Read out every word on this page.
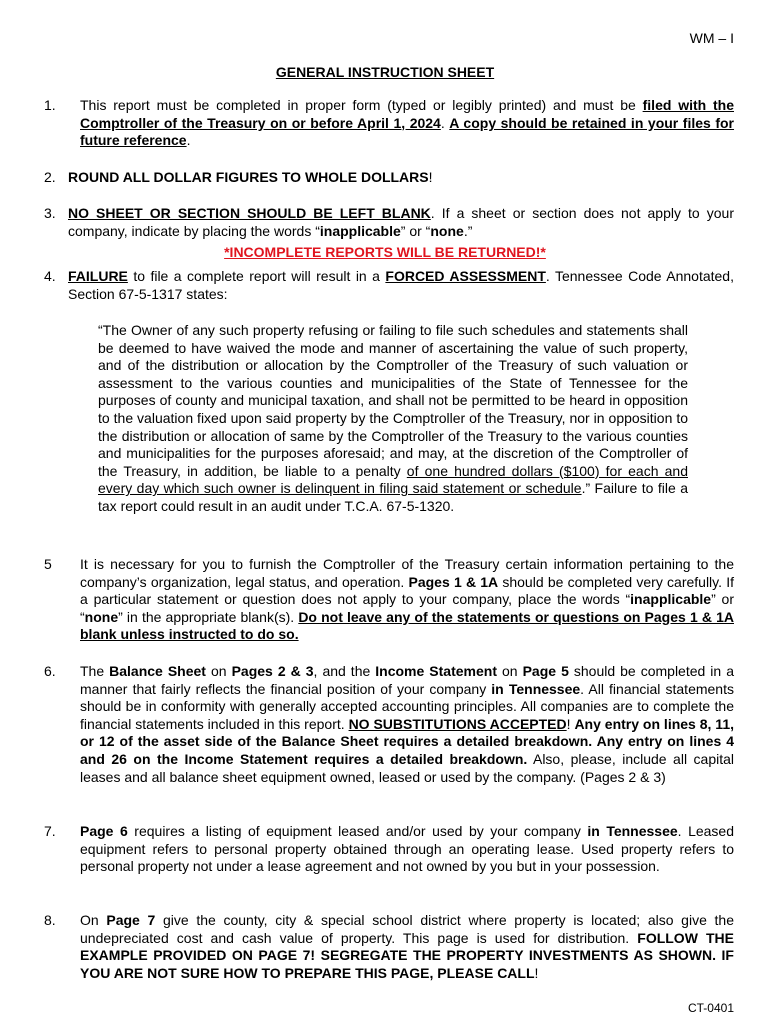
WM – I
GENERAL INSTRUCTION SHEET
1. This report must be completed in proper form (typed or legibly printed) and must be filed with the Comptroller of the Treasury on or before April 1, 2024. A copy should be retained in your files for future reference.
2. ROUND ALL DOLLAR FIGURES TO WHOLE DOLLARS!
3. NO SHEET OR SECTION SHOULD BE LEFT BLANK. If a sheet or section does not apply to your company, indicate by placing the words “inapplicable” or “none.”
*INCOMPLETE REPORTS WILL BE RETURNED!*
4. FAILURE to file a complete report will result in a FORCED ASSESSMENT. Tennessee Code Annotated, Section 67-5-1317 states:
“The Owner of any such property refusing or failing to file such schedules and statements shall be deemed to have waived the mode and manner of ascertaining the value of such property, and of the distribution or allocation by the Comptroller of the Treasury of such valuation or assessment to the various counties and municipalities of the State of Tennessee for the purposes of county and municipal taxation, and shall not be permitted to be heard in opposition to the valuation fixed upon said property by the Comptroller of the Treasury, nor in opposition to the distribution or allocation of same by the Comptroller of the Treasury to the various counties and municipalities for the purposes aforesaid; and may, at the discretion of the Comptroller of the Treasury, in addition, be liable to a penalty of one hundred dollars ($100) for each and every day which such owner is delinquent in filing said statement or schedule.” Failure to file a tax report could result in an audit under T.C.A. 67-5-1320.
5 It is necessary for you to furnish the Comptroller of the Treasury certain information pertaining to the company’s organization, legal status, and operation. Pages 1 & 1A should be completed very carefully. If a particular statement or question does not apply to your company, place the words “inapplicable” or “none” in the appropriate blank(s). Do not leave any of the statements or questions on Pages 1 & 1A blank unless instructed to do so.
6. The Balance Sheet on Pages 2 & 3, and the Income Statement on Page 5 should be completed in a manner that fairly reflects the financial position of your company in Tennessee. All financial statements should be in conformity with generally accepted accounting principles. All companies are to complete the financial statements included in this report. NO SUBSTITUTIONS ACCEPTED! Any entry on lines 8, 11, or 12 of the asset side of the Balance Sheet requires a detailed breakdown. Any entry on lines 4 and 26 on the Income Statement requires a detailed breakdown. Also, please, include all capital leases and all balance sheet equipment owned, leased or used by the company. (Pages 2 & 3)
7. Page 6 requires a listing of equipment leased and/or used by your company in Tennessee. Leased equipment refers to personal property obtained through an operating lease. Used property refers to personal property not under a lease agreement and not owned by you but in your possession.
8. On Page 7 give the county, city & special school district where property is located; also give the undepreciated cost and cash value of property. This page is used for distribution. FOLLOW THE EXAMPLE PROVIDED ON PAGE 7! SEGREGATE THE PROPERTY INVESTMENTS AS SHOWN. IF YOU ARE NOT SURE HOW TO PREPARE THIS PAGE, PLEASE CALL!
CT-0401
